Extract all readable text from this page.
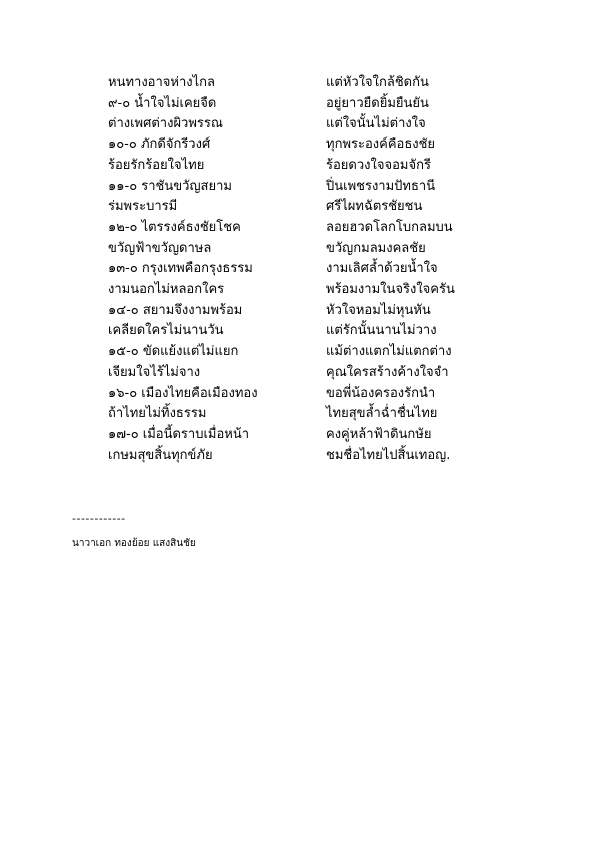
หนทางอาจห่างไกล	แต่หัวใจใกล้ชิดกัน
๙-๐ น้ำใจไม่เคยจืด	อยู่ยาวยืดยิ้มยืนยัน
ต่างเพศต่างผิวพรรณ	แต่ใจนั้นไม่ต่างใจ
๑๐-๐ ภักดีจักรีวงศ์	ทุกพระองค์คือธงชัย
ร้อยรักร้อยใจไทย	ร้อยดวงใจจอมจักรี
๑๑-๐ ราชันขวัญสยาม	ปิ่นเพชรงามปัทธานี
ร่มพระบารมี	ศรีไผทฉัตรชัยชน
๑๒-๐ ไตรรงค์ธงชัยโชค	ลอยฮวดโลกโบกลมบน
ขวัญฟ้าขวัญดาษล	ขวัญกมลมงคลชัย
๑๓-๐ กรุงเทพคือกรุงธรรม	งามเลิศล้ำด้วยน้ำใจ
งามนอกไม่หลอกใคร	พร้อมงามในจริงใจครัน
๑๔-๐ สยามจึงงามพร้อม	หัวใจหอมไม่หุนหัน
เคลียดใครไม่นานวัน	แต่รักนั้นนานไม่วาง
๑๕-๐ ขัดแย้งแต่ไม่แยก	แม้ต่างแตกไม่แตกต่าง
เจียมใจไร้ไม่จาง	คุณใครสร้างค้างใจจำ
๑๖-๐ เมืองไทยคือเมืองทอง	ขอพี่น้องครองรักนำ
ถ้าไทยไม่ทิ้งธรรม	ไทยสุขล้ำฉ่ำชื่นไทย
๑๗-๐ เมื่อนี้ดราบเมื่อหน้า	คงคู่หล้าฟ้าดินกษัย
เกษมสุขสิ้นทุกข์ภัย	ชมชื่อไทยไปสิ้นเทอญ.
------------
นาวาเอก ทองย้อย แสงสินชัย
